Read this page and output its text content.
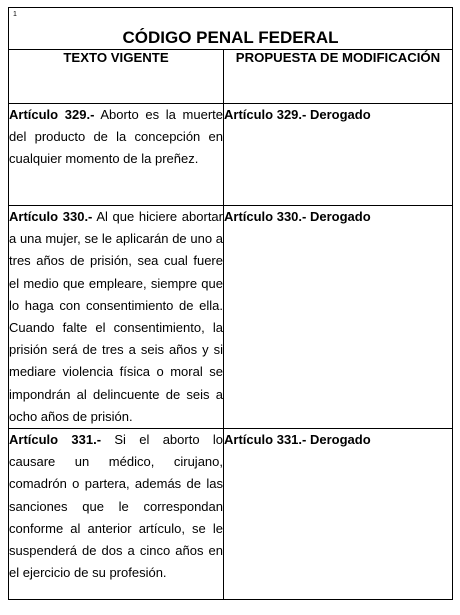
1
CÓDIGO PENAL FEDERAL	

TEXTO VIGENTE	PROPUESTA DE MODIFICACIÓN
Artículo 329.- Aborto es la muerte del producto de la concepción en cualquier momento de la preñez.	Artículo 329.- Derogado
Artículo 330.- Al que hiciere abortar a una mujer, se le aplicarán de uno a tres años de prisión, sea cual fuere el medio que empleare, siempre que lo haga con consentimiento de ella. Cuando falte el consentimiento, la prisión será de tres a seis años y si mediare violencia física o moral se impondrán al delincuente de seis a ocho años de prisión.	Artículo 330.- Derogado
Artículo 331.- Si el aborto lo causare un médico, cirujano, comadrón o partera, además de las sanciones que le correspondan conforme al anterior artículo, se le suspenderá de dos a cinco años en el ejercicio de su profesión.	Artículo 331.- Derogado
